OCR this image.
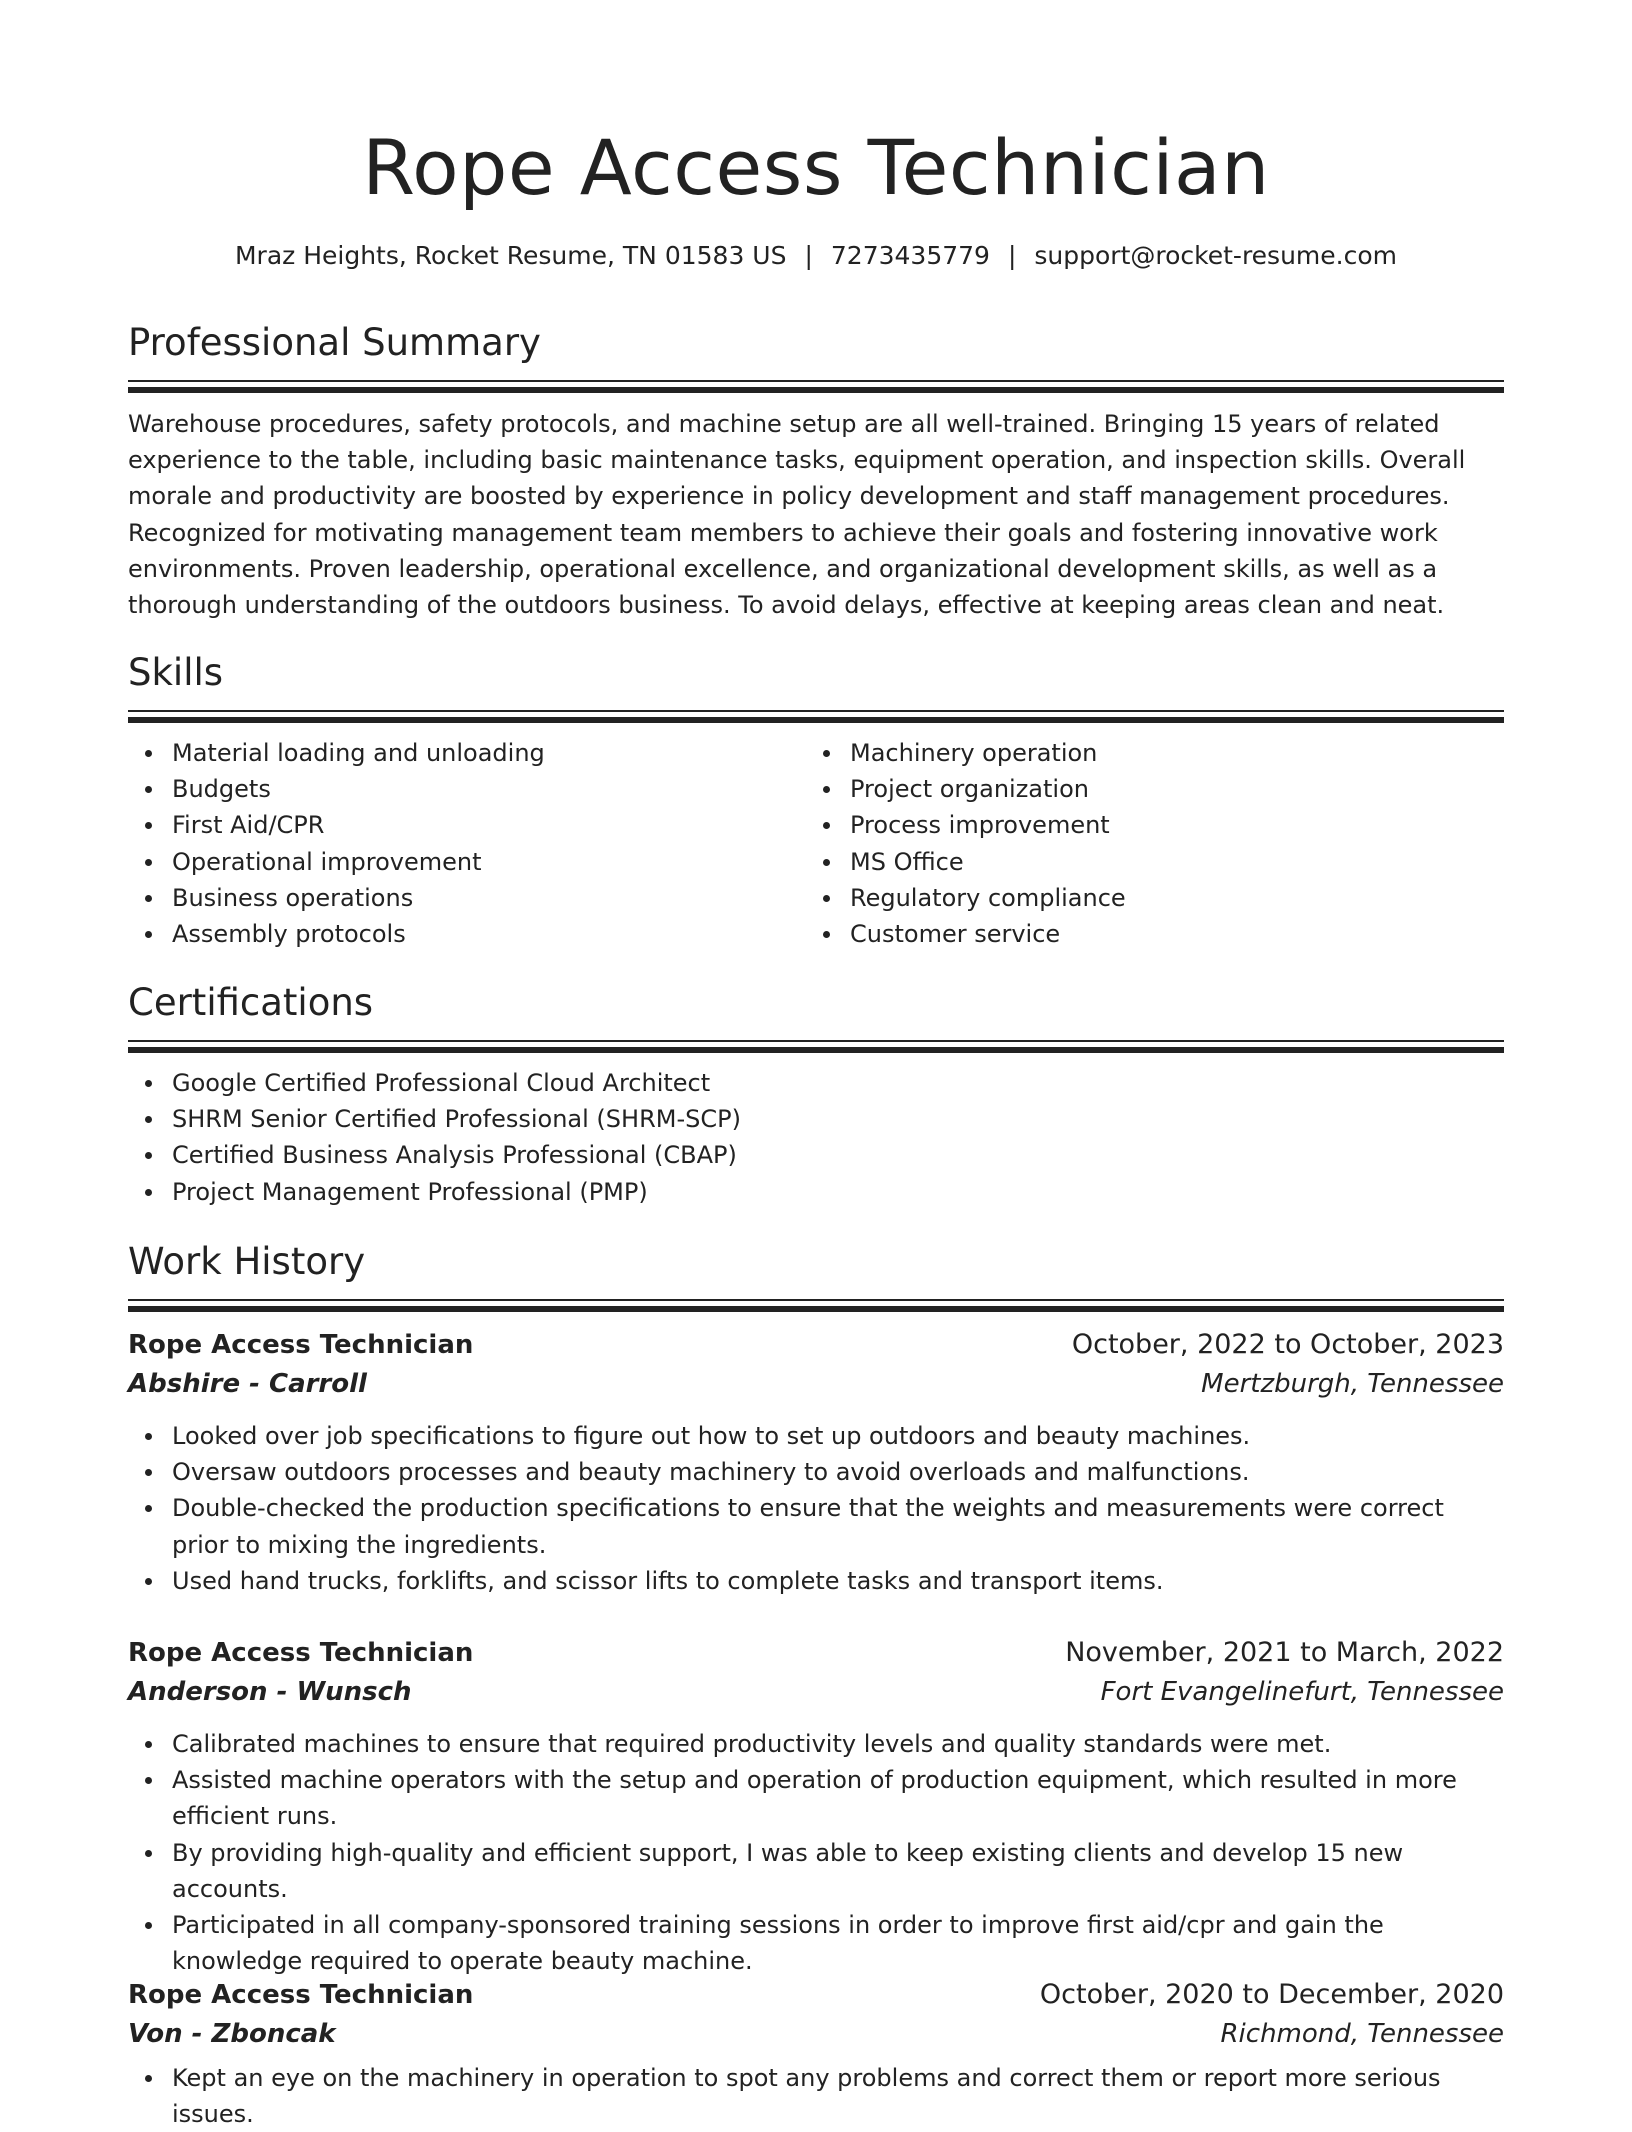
Rope Access Technician
Mraz Heights, Rocket Resume, TN 01583 US | 7273435779 | support@rocket-resume.com
Professional Summary

Warehouse procedures, safety protocols, and machine setup are all well-trained. Bringing 15 years of related experience to the table, including basic maintenance tasks, equipment operation, and inspection skills. Overall morale and productivity are boosted by experience in policy development and staff management procedures. Recognized for motivating management team members to achieve their goals and fostering innovative work environments. Proven leadership, operational excellence, and organizational development skills, as well as a thorough understanding of the outdoors business. To avoid delays, effective at keeping areas clean and neat.

Skills
Material loading and unloading
Budgets
First Aid/CPR
Operational improvement
Business operations
Assembly protocols
Machinery operation
Project organization
Process improvement
MS Office
Regulatory compliance
Customer service
Certifications
Google Certified Professional Cloud Architect
SHRM Senior Certified Professional (SHRM-SCP)
Certified Business Analysis Professional (CBAP)
Project Management Professional (PMP)
Work History
Rope Access Technician	October, 2022 to October, 2023
Abshire - Carroll	Mertzburgh, Tennessee
Looked over job specifications to figure out how to set up outdoors and beauty machines.
Oversaw outdoors processes and beauty machinery to avoid overloads and malfunctions.
Double-checked the production specifications to ensure that the weights and measurements were correct prior to mixing the ingredients.
Used hand trucks, forklifts, and scissor lifts to complete tasks and transport items.
Rope Access Technician	November, 2021 to March, 2022
Anderson - Wunsch	Fort Evangelinefurt, Tennessee
Calibrated machines to ensure that required productivity levels and quality standards were met.
Assisted machine operators with the setup and operation of production equipment, which resulted in more efficient runs.
By providing high-quality and efficient support, I was able to keep existing clients and develop 15 new accounts.
Participated in all company-sponsored training sessions in order to improve first aid/cpr and gain the knowledge required to operate beauty machine.
Rope Access Technician	October, 2020 to December, 2020
Von - Zboncak	Richmond, Tennessee
Kept an eye on the machinery in operation to spot any problems and correct them or report more serious issues.
